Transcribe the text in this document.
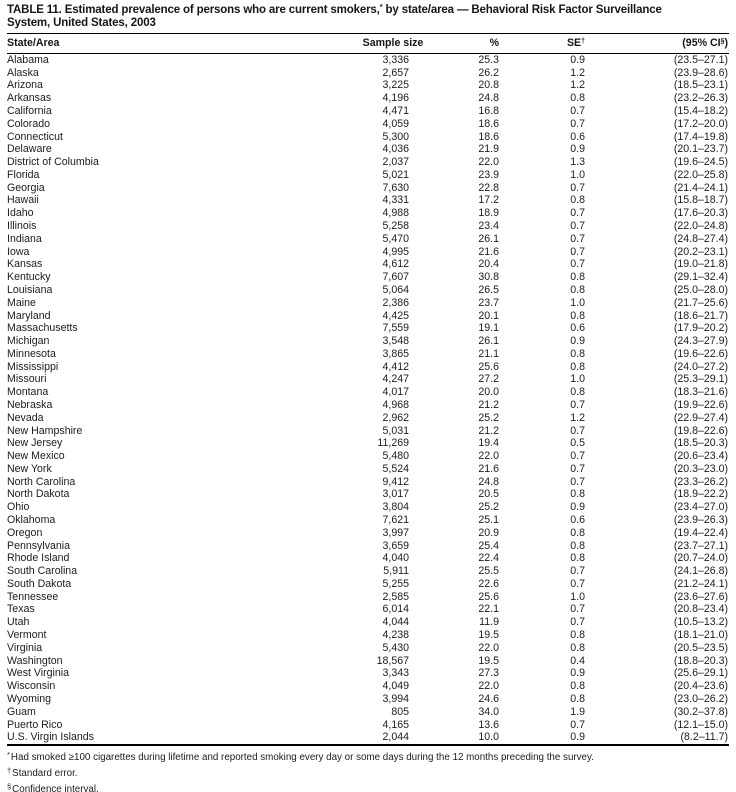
TABLE 11. Estimated prevalence of persons who are current smokers,* by state/area — Behavioral Risk Factor Surveillance
System, United States, 2003
State/Area	Sample size	%	SE†	(95% CI§)
Alabama	3,336	25.3	0.9	(23.5–27.1)
Alaska	2,657	26.2	1.2	(23.9–28.6)
Arizona	3,225	20.8	1.2	(18.5–23.1)
Arkansas	4,196	24.8	0.8	(23.2–26.3)
California	4,471	16.8	0.7	(15.4–18.2)
Colorado	4,059	18.6	0.7	(17.2–20.0)
Connecticut	5,300	18.6	0.6	(17.4–19.8)
Delaware	4,036	21.9	0.9	(20.1–23.7)
District of Columbia	2,037	22.0	1.3	(19.6–24.5)
Florida	5,021	23.9	1.0	(22.0–25.8)
Georgia	7,630	22.8	0.7	(21.4–24.1)
Hawaii	4,331	17.2	0.8	(15.8–18.7)
Idaho	4,988	18.9	0.7	(17.6–20.3)
Illinois	5,258	23.4	0.7	(22.0–24.8)
Indiana	5,470	26.1	0.7	(24.8–27.4)
Iowa	4,995	21.6	0.7	(20.2–23.1)
Kansas	4,612	20.4	0.7	(19.0–21.8)
Kentucky	7,607	30.8	0.8	(29.1–32.4)
Louisiana	5,064	26.5	0.8	(25.0–28.0)
Maine	2,386	23.7	1.0	(21.7–25.6)
Maryland	4,425	20.1	0.8	(18.6–21.7)
Massachusetts	7,559	19.1	0.6	(17.9–20.2)
Michigan	3,548	26.1	0.9	(24.3–27.9)
Minnesota	3,865	21.1	0.8	(19.6–22.6)
Mississippi	4,412	25.6	0.8	(24.0–27.2)
Missouri	4,247	27.2	1.0	(25.3–29.1)
Montana	4,017	20.0	0.8	(18.3–21.6)
Nebraska	4,968	21.2	0.7	(19.9–22.6)
Nevada	2,962	25.2	1.2	(22.9–27.4)
New Hampshire	5,031	21.2	0.7	(19.8–22.6)
New Jersey	11,269	19.4	0.5	(18.5–20.3)
New Mexico	5,480	22.0	0.7	(20.6–23.4)
New York	5,524	21.6	0.7	(20.3–23.0)
North Carolina	9,412	24.8	0.7	(23.3–26.2)
North Dakota	3,017	20.5	0.8	(18.9–22.2)
Ohio	3,804	25.2	0.9	(23.4–27.0)
Oklahoma	7,621	25.1	0.6	(23.9–26.3)
Oregon	3,997	20.9	0.8	(19.4–22.4)
Pennsylvania	3,659	25.4	0.8	(23.7–27.1)
Rhode Island	4,040	22.4	0.8	(20.7–24.0)
South Carolina	5,911	25.5	0.7	(24.1–26.8)
South Dakota	5,255	22.6	0.7	(21.2–24.1)
Tennessee	2,585	25.6	1.0	(23.6–27.6)
Texas	6,014	22.1	0.7	(20.8–23.4)
Utah	4,044	11.9	0.7	(10.5–13.2)
Vermont	4,238	19.5	0.8	(18.1–21.0)
Virginia	5,430	22.0	0.8	(20.5–23.5)
Washington	18,567	19.5	0.4	(18.8–20.3)
West Virginia	3,343	27.3	0.9	(25.6–29.1)
Wisconsin	4,049	22.0	0.8	(20.4–23.6)
Wyoming	3,994	24.6	0.8	(23.0–26.2)
Guam	805	34.0	1.9	(30.2–37.8)
Puerto Rico	4,165	13.6	0.7	(12.1–15.0)
U.S. Virgin Islands	2,044	10.0	0.9	(8.2–11.7)
*Had smoked ≥100 cigarettes during lifetime and reported smoking every day or some days during the 12 months preceding the survey.
†Standard error.
§Confidence interval.
